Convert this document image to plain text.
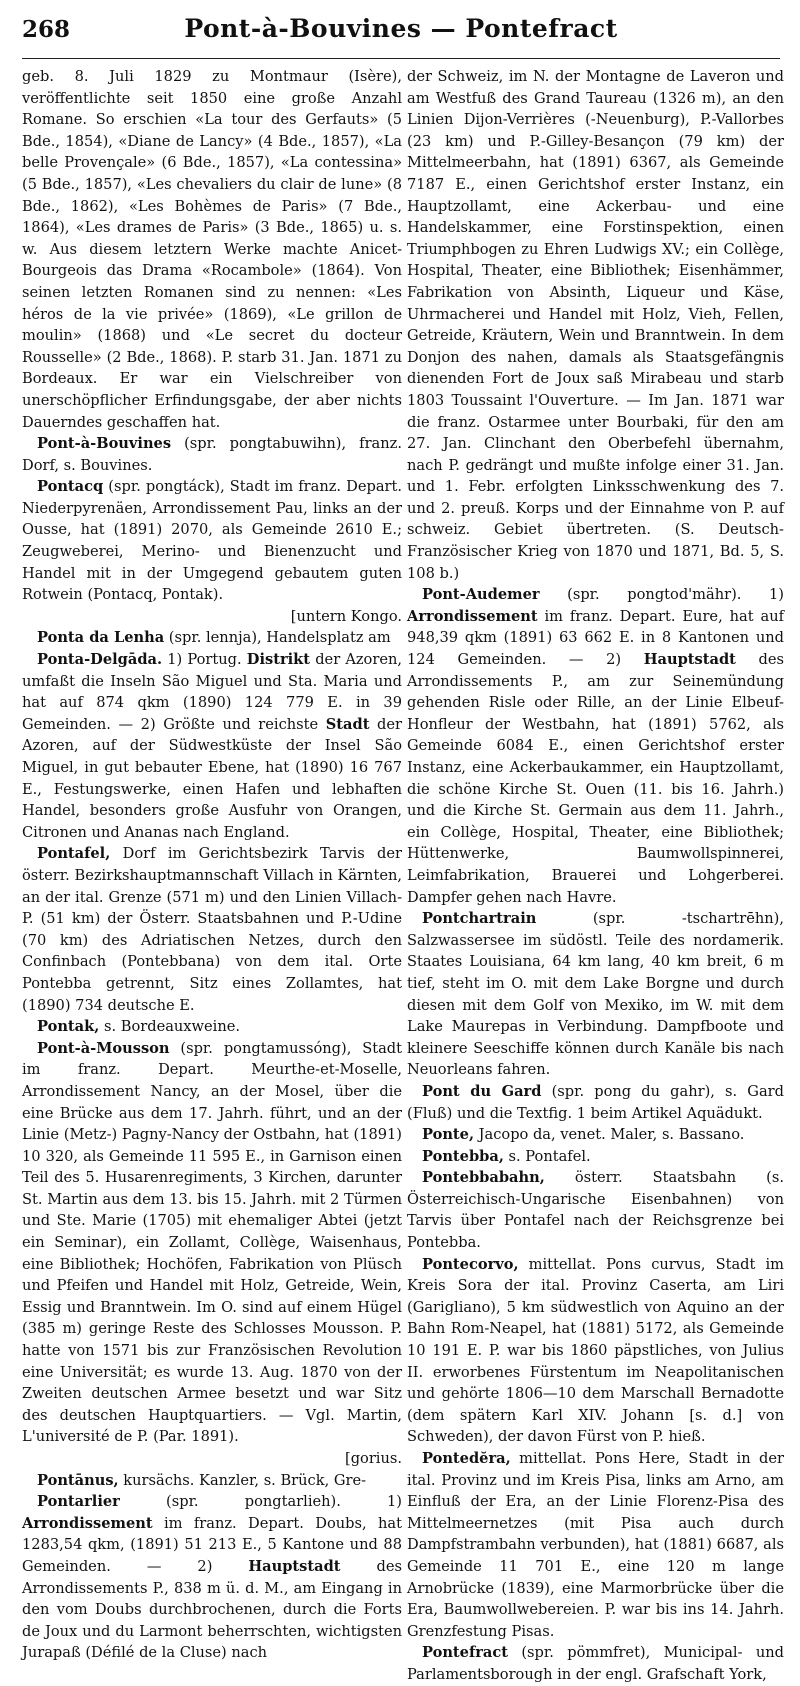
268	Pont-à-Bouvines — Pontefract

geb. 8. Juli 1829 zu Montmaur (Isère), veröffentlichte seit 1850 eine große Anzahl Romane. So erschien «La tour des Gerfauts» (5 Bde., 1854), «Diane de Lancy» (4 Bde., 1857), «La belle Provençale» (6 Bde., 1857), «La contessina» (5 Bde., 1857), «Les chevaliers du clair de lune» (8 Bde., 1862), «Les Bohèmes de Paris» (7 Bde., 1864), «Les drames de Paris» (3 Bde., 1865) u. s. w. Aus diesem letztern Werke machte Anicet-Bourgeois das Drama «Rocambole» (1864). Von seinen letzten Romanen sind zu nennen: «Les héros de la vie privée» (1869), «Le grillon de moulin» (1868) und «Le secret du docteur Rousselle» (2 Bde., 1868). P. starb 31. Jan. 1871 zu Bordeaux. Er war ein Vielschreiber von unerschöpflicher Erfindungsgabe, der aber nichts Dauerndes geschaffen hat.

Pont-à-Bouvines (spr. pongtabuwihn), franz. Dorf, s. Bouvines.

Pontacq (spr. pongtáck), Stadt im franz. Depart. Niederpyrenäen, Arrondissement Pau, links an der Ousse, hat (1891) 2070, als Gemeinde 2610 E.; Zeugweberei, Merino- und Bienenzucht und Handel mit in der Umgegend gebautem guten Rotwein (Pontacq, Pontak).
[untern Kongo.

Ponta da Lenha (spr. lennja), Handelsplatz am

Ponta-Delgāda. 1) Portug. Distrikt der Azoren, umfaßt die Inseln São Miguel und Sta. Maria und hat auf 874 qkm (1890) 124 779 E. in 39 Gemeinden. — 2) Größte und reichste Stadt der Azoren, auf der Südwestküste der Insel São Miguel, in gut bebauter Ebene, hat (1890) 16 767 E., Festungswerke, einen Hafen und lebhaften Handel, besonders große Ausfuhr von Orangen, Citronen und Ananas nach England.

Pontafel, Dorf im Gerichtsbezirk Tarvis der österr. Bezirkshauptmannschaft Villach in Kärnten, an der ital. Grenze (571 m) und den Linien Villach-P. (51 km) der Österr. Staatsbahnen und P.-Udine (70 km) des Adriatischen Netzes, durch den Confinbach (Pontebbana) von dem ital. Orte Pontebba getrennt, Sitz eines Zollamtes, hat (1890) 734 deutsche E.

Pontak, s. Bordeauxweine.

Pont-à-Mousson (spr. pongtamussóng), Stadt im franz. Depart. Meurthe-et-Moselle, Arrondissement Nancy, an der Mosel, über die eine Brücke aus dem 17. Jahrh. führt, und an der Linie (Metz-) Pagny-Nancy der Ostbahn, hat (1891) 10 320, als Gemeinde 11 595 E., in Garnison einen Teil des 5. Husarenregiments, 3 Kirchen, darunter St. Martin aus dem 13. bis 15. Jahrh. mit 2 Türmen und Ste. Marie (1705) mit ehemaliger Abtei (jetzt ein Seminar), ein Zollamt, Collège, Waisenhaus, eine Bibliothek; Hochöfen, Fabrikation von Plüsch und Pfeifen und Handel mit Holz, Getreide, Wein, Essig und Branntwein. Im O. sind auf einem Hügel (385 m) geringe Reste des Schlosses Mousson. P. hatte von 1571 bis zur Französischen Revolution eine Universität; es wurde 13. Aug. 1870 von der Zweiten deutschen Armee besetzt und war Sitz des deutschen Hauptquartiers. — Vgl. Martin, L'université de P. (Par. 1891).
[gorius.

Pontānus, kursächs. Kanzler, s. Brück, Gre-

Pontarlier (spr. pongtarlieh). 1) Arrondissement im franz. Depart. Doubs, hat 1283,54 qkm, (1891) 51 213 E., 5 Kantone und 88 Gemeinden. — 2) Hauptstadt des Arrondissements P., 838 m ü. d. M., am Eingang in den vom Doubs durchbrochenen, durch die Forts de Joux und du Larmont beherrschten, wichtigsten Jurapaß (Défilé de la Cluse) nach

der Schweiz, im N. der Montagne de Laveron und am Westfuß des Grand Taureau (1326 m), an den Linien Dijon-Verrières (-Neuenburg), P.-Vallorbes (23 km) und P.-Gilley-Besançon (79 km) der Mittelmeerbahn, hat (1891) 6367, als Gemeinde 7187 E., einen Gerichtshof erster Instanz, ein Hauptzollamt, eine Ackerbau- und eine Handelskammer, eine Forstinspektion, einen Triumphbogen zu Ehren Ludwigs XV.; ein Collège, Hospital, Theater, eine Bibliothek; Eisenhämmer, Fabrikation von Absinth, Liqueur und Käse, Uhrmacherei und Handel mit Holz, Vieh, Fellen, Getreide, Kräutern, Wein und Branntwein. In dem Donjon des nahen, damals als Staatsgefängnis dienenden Fort de Joux saß Mirabeau und starb 1803 Toussaint l'Ouverture. — Im Jan. 1871 war die franz. Ostarmee unter Bourbaki, für den am 27. Jan. Clinchant den Oberbefehl übernahm, nach P. gedrängt und mußte infolge einer 31. Jan. und 1. Febr. erfolgten Linksschwenkung des 7. und 2. preuß. Korps und der Einnahme von P. auf schweiz. Gebiet übertreten. (S. Deutsch-Französischer Krieg von 1870 und 1871, Bd. 5, S. 108 b.)

Pont-Audemer (spr. pongtod'mähr). 1) Arrondissement im franz. Depart. Eure, hat auf 948,39 qkm (1891) 63 662 E. in 8 Kantonen und 124 Gemeinden. — 2) Hauptstadt des Arrondissements P., am zur Seinemündung gehenden Risle oder Rille, an der Linie Elbeuf-Honfleur der Westbahn, hat (1891) 5762, als Gemeinde 6084 E., einen Gerichtshof erster Instanz, eine Ackerbaukammer, ein Hauptzollamt, die schöne Kirche St. Ouen (11. bis 16. Jahrh.) und die Kirche St. Germain aus dem 11. Jahrh., ein Collège, Hospital, Theater, eine Bibliothek; Hüttenwerke, Baumwollspinnerei, Leimfabrikation, Brauerei und Lohgerberei. Dampfer gehen nach Havre.

Pontchartrain (spr. -tschartrēhn), Salzwassersee im südöstl. Teile des nordamerik. Staates Louisiana, 64 km lang, 40 km breit, 6 m tief, steht im O. mit dem Lake Borgne und durch diesen mit dem Golf von Mexiko, im W. mit dem Lake Maurepas in Verbindung. Dampfboote und kleinere Seeschiffe können durch Kanäle bis nach Neuorleans fahren.

Pont du Gard (spr. pong du gahr), s. Gard (Fluß) und die Textfig. 1 beim Artikel Aquädukt.

Ponte, Jacopo da, venet. Maler, s. Bassano.

Pontebba, s. Pontafel.

Pontebbabahn, österr. Staatsbahn (s. Österreichisch-Ungarische Eisenbahnen) von Tarvis über Pontafel nach der Reichsgrenze bei Pontebba.

Pontecorvo, mittellat. Pons curvus, Stadt im Kreis Sora der ital. Provinz Caserta, am Liri (Garigliano), 5 km südwestlich von Aquino an der Bahn Rom-Neapel, hat (1881) 5172, als Gemeinde 10 191 E. P. war bis 1860 päpstliches, von Julius II. erworbenes Fürstentum im Neapolitanischen und gehörte 1806—10 dem Marschall Bernadotte (dem spätern Karl XIV. Johann [s. d.] von Schweden), der davon Fürst von P. hieß.

Pontedĕra, mittellat. Pons Here, Stadt in der ital. Provinz und im Kreis Pisa, links am Arno, am Einfluß der Era, an der Linie Florenz-Pisa des Mittelmeernetzes (mit Pisa auch durch Dampfstrambahn verbunden), hat (1881) 6687, als Gemeinde 11 701 E., eine 120 m lange Arnobrücke (1839), eine Marmorbrücke über die Era, Baumwollwebereien. P. war bis ins 14. Jahrh. Grenzfestung Pisas.

Pontefract (spr. pömmfret), Municipal- und Parlamentsborough in der engl. Grafschaft York,
